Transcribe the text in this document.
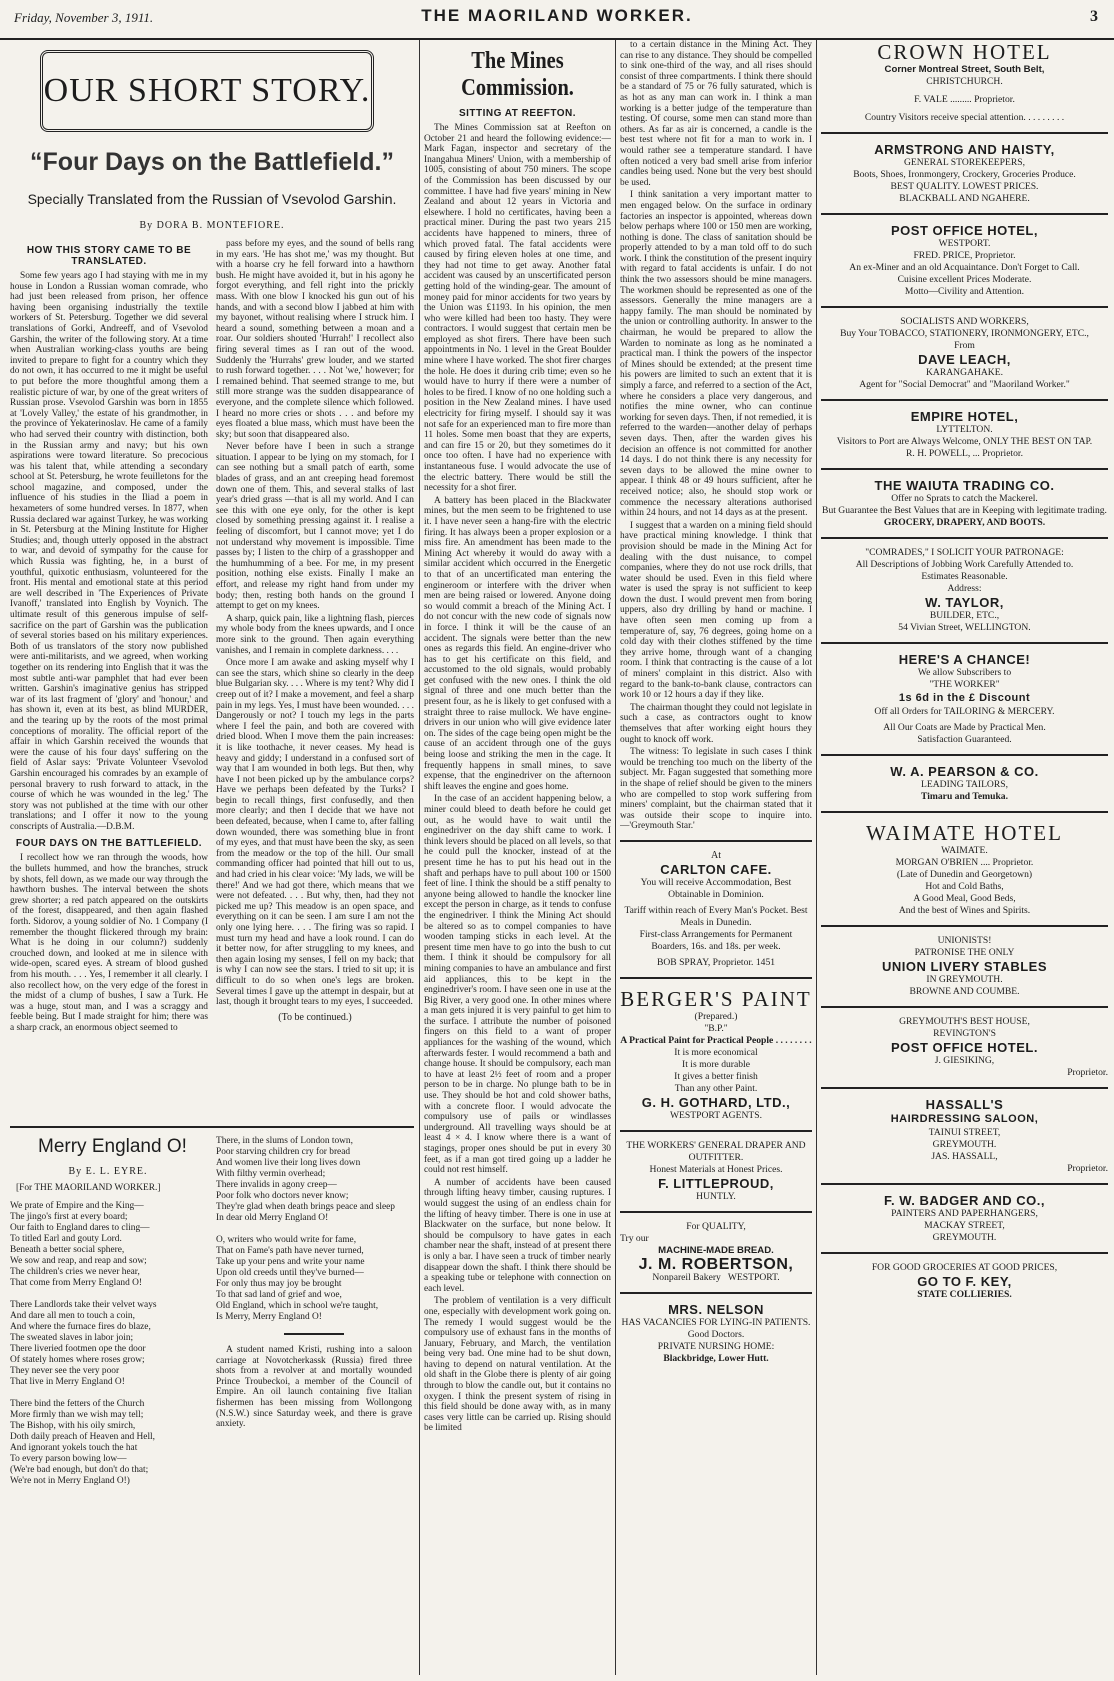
Friday, November 3, 1911.	THE MAORILAND WORKER.	3
OUR SHORT STORY.
“Four Days on the Battlefield.”
Specially Translated from the Russian of Vsevolod Garshin.
By DORA B. MONTEFIORE.
HOW THIS STORY CAME TO BE TRANSLATED.

Some few years ago I had staying with me in my house in London a Russian woman comrade, who had just been released from prison, her offence having been organising industrially the textile workers of St. Petersburg. Together we did several translations of Gorki, Andreeff, and of Vsevolod Garshin, the writer of the following story. At a time when Australian working-class youths are being invited to prepare to fight for a country which they do not own, it has occurred to me it might be useful to put before the more thoughtful among them a realistic picture of war, by one of the great writers of Russian prose. Vsevolod Garshin was born in 1855 at 'Lovely Valley,' the estate of his grandmother, in the province of Yekaterinoslav. He came of a family who had served their country with distinction, both in the Russian army and navy; but his own aspirations were toward literature. So precocious was his talent that, while attending a secondary school at St. Petersburg, he wrote feuilletons for the school magazine, and composed, under the influence of his studies in the Iliad a poem in hexameters of some hundred verses. In 1877, when Russia declared war against Turkey, he was working in St. Petersburg at the Mining Institute for Higher Studies; and, though utterly opposed in the abstract to war, and devoid of sympathy for the cause for which Russia was fighting, he, in a burst of youthful, quixotic enthusiasm, volunteered for the front. His mental and emotional state at this period are well described in 'The Experiences of Private Ivanoff,' translated into English by Voynich. The ultimate result of this generous impulse of self-sacrifice on the part of Garshin was the publication of several stories based on his military experiences. Both of us translators of the story now published were anti-militarists, and we agreed, when working together on its rendering into English that it was the most subtle anti-war pamphlet that had ever been written. Garshin's imaginative genius has stripped war of its last fragment of 'glory' and 'honour,' and has shown it, even at its best, as blind MURDER, and the tearing up by the roots of the most primal conceptions of morality. The official report of the affair in which Garshin received the wounds that were the cause of his four days' suffering on the field of Aslar says: 'Private Volunteer Vsevolod Garshin encouraged his comrades by an example of personal bravery to rush forward to attack, in the course of which he was wounded in the leg.' The story was not published at the time with our other translations; and I offer it now to the young conscripts of Australia.—D.B.M.

FOUR DAYS ON THE BATTLEFIELD.

I recollect how we ran through the woods, how the bullets hummed, and how the branches, struck by shots, fell down, as we made our way through the hawthorn bushes. The interval between the shots grew shorter; a red patch appeared on the outskirts of the forest, disappeared, and then again flashed forth. Sidorov, a young soldier of No. 1 Company (I remember the thought flickered through my brain: What is he doing in our column?) suddenly crouched down, and looked at me in silence with wide-open, scared eyes. A stream of blood gushed from his mouth. . . . Yes, I remember it all clearly. I also recollect how, on the very edge of the forest in the midst of a clump of bushes, I saw a Turk. He was a huge, stout man, and I was a scraggy and feeble being. But I made straight for him; there was a sharp crack, an enormous object seemed to

pass before my eyes, and the sound of bells rang in my ears. 'He has shot me,' was my thought. But with a hoarse cry he fell forward into a hawthorn bush. He might have avoided it, but in his agony he forgot everything, and fell right into the prickly mass. With one blow I knocked his gun out of his hands, and with a second blow I jabbed at him with my bayonet, without realising where I struck him. I heard a sound, something between a moan and a roar. Our soldiers shouted 'Hurrah!' I recollect also firing several times as I ran out of the wood. Suddenly the 'Hurrahs' grew louder, and we started to rush forward together. . . . Not 'we,' however; for I remained behind. That seemed strange to me, but still more strange was the sudden disappearance of everyone, and the complete silence which followed. I heard no more cries or shots . . . and before my eyes floated a blue mass, which must have been the sky; but soon that disappeared also.

Never before have I been in such a strange situation. I appear to be lying on my stomach, for I can see nothing but a small patch of earth, some blades of grass, and an ant creeping head foremost down one of them. This, and several stalks of last year's dried grass —that is all my world. And I can see this with one eye only, for the other is kept closed by something pressing against it. I realise a feeling of discomfort, but I cannot move; yet I do not understand why movement is impossible. Time passes by; I listen to the chirp of a grasshopper and the humhumming of a bee. For me, in my present position, nothing else exists. Finally I make an effort, and release my right hand from under my body; then, resting both hands on the ground I attempt to get on my knees.

A sharp, quick pain, like a lightning flash, pierces my whole body from the knees upwards, and I once more sink to the ground. Then again everything vanishes, and I remain in complete darkness. . . .

Once more I am awake and asking myself why I can see the stars, which shine so clearly in the deep blue Bulgarian sky. . . . Where is my tent? Why did I creep out of it? I make a movement, and feel a sharp pain in my legs. Yes, I must have been wounded. . . . Dangerously or not? I touch my legs in the parts where I feel the pain, and both are covered with dried blood. When I move them the pain increases: it is like toothache, it never ceases. My head is heavy and giddy; I understand in a confused sort of way that I am wounded in both legs. But then, why have I not been picked up by the ambulance corps? Have we perhaps been defeated by the Turks? I begin to recall things, first confusedly, and then more clearly; and then I decide that we have not been defeated, because, when I came to, after falling down wounded, there was something blue in front of my eyes, and that must have been the sky, as seen from the meadow or the top of the hill. Our small commanding officer had pointed that hill out to us, and had cried in his clear voice: 'My lads, we will be there!' And we had got there, which means that we were not defeated. . . . But why, then, had they not picked me up? This meadow is an open space, and everything on it can be seen. I am sure I am not the only one lying here. . . . The firing was so rapid. I must turn my head and have a look round. I can do it better now, for after struggling to my knees, and then again losing my senses, I fell on my back; that is why I can now see the stars. I tried to sit up; it is difficult to do so when one's legs are broken. Several times I gave up the attempt in despair, but at last, though it brought tears to my eyes, I succeeded.

(To be continued.)
Merry England O!
By E. L. EYRE.
[For THE MAORILAND WORKER.]
We prate of Empire and the King—
The jingo's first at every board;
Our faith to England dares to cling—
To titled Earl and gouty Lord.
Beneath a better social sphere,
We sow and reap, and reap and sow;
The children's cries we never hear,
That come from Merry England O!

There Landlords take their velvet ways
And dare all men to touch a coin,
And where the furnace fires do blaze,
The sweated slaves in labor join;
There liveried footmen ope the door
Of stately homes where roses grow;
They never see the very poor
That live in Merry England O!

There bind the fetters of the Church
More firmly than we wish may tell;
The Bishop, with his oily smirch,
Doth daily preach of Heaven and Hell,
And ignorant yokels touch the hat
To every parson bowing low—
(We're bad enough, but don't do that;
We're not in Merry England O!)
There, in the slums of London town,
Poor starving children cry for bread
And women live their long lives down
With filthy vermin overhead;
There invalids in agony creep—
Poor folk who doctors never know;
They're glad when death brings peace and sleep
In dear old Merry England O!

O, writers who would write for fame,
That on Fame's path have never turned,
Take up your pens and write your name
Upon old creeds until they've burned—
For only thus may joy be brought
To that sad land of grief and woe,
Old England, which in school we're taught,
Is Merry, Merry England O!

A student named Kristi, rushing into a saloon carriage at Novotcherkassk (Russia) fired three shots from a revolver at and mortally wounded Prince Troubeckoi, a member of the Council of Empire. An oil launch containing five Italian fishermen has been missing from Wollongong (N.S.W.) since Saturday week, and there is grave anxiety.

The Mines Commission.
SITTING AT REEFTON.

The Mines Commission sat at Reefton on October 21 and heard the following evidence:— Mark Fagan, inspector and secretary of the Inangahua Miners' Union, with a membership of 1005, consisting of about 750 miners. The scope of the Commission has been discussed by our committee. I have had five years' mining in New Zealand and about 12 years in Victoria and elsewhere. I hold no certificates, having been a practical miner. During the past two years 215 accidents have happened to miners, three of which proved fatal. The fatal accidents were caused by firing eleven holes at one time, and they had not time to get away. Another fatal accident was caused by an unscertificated person getting hold of the winding-gear. The amount of money paid for minor accidents for two years by the Union was £1193. In his opinion, the men who were killed had been too hasty. They were contractors. I would suggest that certain men be employed as shot firers. There have been such appointments in No. 1 level in the Great Boulder mine where I have worked. The shot firer charges the hole. He does it during crib time; even so he would have to hurry if there were a number of holes to be fired. I know of no one holding such a position in the New Zealand mines. I have used electricity for firing myself. I should say it was not safe for an experienced man to fire more than 11 holes. Some men boast that they are experts, and can fire 15 or 20, but they sometimes do it once too often. I have had no experience with instantaneous fuse. I would advocate the use of the electric battery. There would be still the necessity for a shot firer.

A battery has been placed in the Blackwater mines, but the men seem to be frightened to use it. I have never seen a hang-fire with the electric firing. It has always been a proper explosion or a miss fire. An amendment has been made to the Mining Act whereby it would do away with a similar accident which occurred in the Energetic to that of an uncertificated man entering the engineroom or interfere with the driver when men are being raised or lowered. Anyone doing so would commit a breach of the Mining Act. I do not concur with the new code of signals now in force. I think it will be the cause of an accident. The signals were better than the new ones as regards this field. An engine-driver who has to get his certificate on this field, and accustomed to the old signals, would probably get confused with the new ones. I think the old signal of three and one much better than the present four, as he is likely to get confused with a straight three to raise mullock. We have engine-drivers in our union who will give evidence later on. The sides of the cage being open might be the cause of an accident through one of the guys being loose and striking the men in the cage. It frequently happens in small mines, to save expense, that the enginedriver on the afternoon shift leaves the engine and goes home.

In the case of an accident happening below, a miner could bleed to death before he could get out, as he would have to wait until the enginedriver on the day shift came to work. I think levers should be placed on all levels, so that he could pull the knocker, instead of at the present time he has to put his head out in the shaft and perhaps have to pull about 100 or 1500 feet of line. I think the should be a stiff penalty to anyone being allowed to handle the knocker line except the person in charge, as it tends to confuse the enginedriver. I think the Mining Act should be altered so as to compel companies to have wooden tamping sticks in each level. At the present time men have to go into the bush to cut them. I think it should be compulsory for all mining companies to have an ambulance and first aid appliances, this to be kept in the enginedriver's room. I have seen one in use at the Big River, a very good one. In other mines where a man gets injured it is very painful to get him to the surface. I attribute the number of poisoned fingers on this field to a want of proper appliances for the washing of the wound, which afterwards fester. I would recommend a bath and change house. It should be compulsory, each man to have at least 2½ feet of room and a proper person to be in charge. No plunge bath to be in use. They should be hot and cold shower baths, with a concrete floor. I would advocate the compulsory use of pails or windlasses underground. All travelling ways should be at least 4 × 4. I know where there is a want of stagings, proper ones should be put in every 30 feet, as if a man got tired going up a ladder he could not rest himself.

A number of accidents have been caused through lifting heavy timber, causing ruptures. I would suggest the using of an endless chain for the lifting of heavy timber. There is one in use at Blackwater on the surface, but none below. It should be compulsory to have gates in each chamber near the shaft, instead of at present there is only a bar. I have seen a truck of timber nearly disappear down the shaft. I think there should be a speaking tube or telephone with connection on each level.

The problem of ventilation is a very difficult one, especially with development work going on. The remedy I would suggest would be the compulsory use of exhaust fans in the months of January, February, and March, the ventilation being very bad. One mine had to be shut down, having to depend on natural ventilation. At the old shaft in the Globe there is plenty of air going through to blow the candle out, but it contains no oxygen. I think the present system of rising in this field should be done away with, as in many cases very little can be carried up. Rising should be limited

to a certain distance in the Mining Act. They can rise to any distance. They should be compelled to sink one-third of the way, and all rises should consist of three compartments. I think there should be a standard of 75 or 76 fully saturated, which is as hot as any man can work in. I think a man working is a better judge of the temperature than testing. Of course, some men can stand more than others. As far as air is concerned, a candle is the best test where not fit for a man to work in. I would rather see a temperature standard. I have often noticed a very bad smell arise from inferior candles being used. None but the very best should be used.

I think sanitation a very important matter to men engaged below. On the surface in ordinary factories an inspector is appointed, whereas down below perhaps where 100 or 150 men are working, nothing is done. The class of sanitation should be properly attended to by a man told off to do such work. I think the constitution of the present inquiry with regard to fatal accidents is unfair. I do not think the two assessors should be mine managers. The workmen should be represented as one of the assessors. Generally the mine managers are a happy family. The man should be nominated by the union or controlling authority. In answer to the chairman, he would be prepared to allow the Warden to nominate as long as he nominated a practical man. I think the powers of the inspector of Mines should be extended; at the present time his powers are limited to such an extent that it is simply a farce, and referred to a section of the Act, where he considers a place very dangerous, and notifies the mine owner, who can continue working for seven days. Then, if not remedied, it is referred to the warden—another delay of perhaps seven days. Then, after the warden gives his decision an offence is not committed for another 14 days. I do not think there is any necessity for seven days to be allowed the mine owner to appear. I think 48 or 49 hours sufficient, after he received notice; also, he should stop work or commence the necessary alterations authorised within 24 hours, and not 14 days as at the present.

I suggest that a warden on a mining field should have practical mining knowledge. I think that provision should be made in the Mining Act for dealing with the dust nuisance, to compel companies, where they do not use rock drills, that water should be used. Even in this field where water is used the spray is not sufficient to keep down the dust. I would prevent men from boring uppers, also dry drilling by hand or machine. I have often seen men coming up from a temperature of, say, 76 degrees, going home on a cold day with their clothes stiffened by the time they arrive home, through want of a changing room. I think that contracting is the cause of a lot of miners' complaint in this district. Also with regard to the bank-to-bank clause, contractors can work 10 or 12 hours a day if they like.

The chairman thought they could not legislate in such a case, as contractors ought to know themselves that after working eight hours they ought to knock off work.

The witness: To legislate in such cases I think would be trenching too much on the liberty of the subject. Mr. Fagan suggested that something more in the shape of relief should be given to the miners who are compelled to stop work suffering from miners' complaint, but the chairman stated that it was outside their scope to inquire into.—'Greymouth Star.'

At
CARLTON CAFE.
You will receive Accommodation, Best Obtainable in Dominion.
Tariff within reach of Every Man's Pocket. Best Meals in Dunedin.
First-class Arrangements for Permanent Boarders, 16s. and 18s. per week.
BOB SPRAY, Proprietor. 1451
BERGER'S PAINT
(Prepared.)
"B.P."
A Practical Paint for Practical People . . . . . . . .
It is more economical
It is more durable
It gives a better finish
Than any other Paint.
G. H. GOTHARD, LTD.,
WESTPORT AGENTS.
THE WORKERS' GENERAL DRAPER AND OUTFITTER.
Honest Materials at Honest Prices.
F. LITTLEPROUD,
HUNTLY.
For QUALITY,
Try our
MACHINE-MADE BREAD.
J. M. ROBERTSON,
Nonpareil Bakery WESTPORT.
MRS. NELSON
HAS VACANCIES FOR LYING-IN PATIENTS. Good Doctors.
PRIVATE NURSING HOME:
Blackbridge, Lower Hutt.
CROWN HOTEL
Corner Montreal Street, South Belt,
CHRISTCHURCH.
F. VALE ......... Proprietor.
Country Visitors receive special attention. . . . . . . . .
ARMSTRONG AND HAISTY,
GENERAL STOREKEEPERS,
Boots, Shoes, Ironmongery, Crockery, Groceries Produce.
BEST QUALITY. LOWEST PRICES.
BLACKBALL AND NGAHERE.
POST OFFICE HOTEL,
WESTPORT.
FRED. PRICE, Proprietor.
An ex-Miner and an old Acquaintance. Don't Forget to Call.
Cuisine excellent Prices Moderate.
Motto—Civility and Attention.
SOCIALISTS AND WORKERS,
Buy Your TOBACCO, STATIONERY, IRONMONGERY, ETC.,
From
DAVE LEACH,
KARANGAHAKE.
Agent for "Social Democrat" and "Maoriland Worker."
EMPIRE HOTEL,
LYTTELTON.
Visitors to Port are Always Welcome, ONLY THE BEST ON TAP.
R. H. POWELL, ... Proprietor.
THE WAIUTA TRADING CO.
Offer no Sprats to catch the Mackerel.
But Guarantee the Best Values that are in Keeping with legitimate trading.
GROCERY, DRAPERY, AND BOOTS.
"COMRADES," I SOLICIT YOUR PATRONAGE:
All Descriptions of Jobbing Work Carefully Attended to.
Estimates Reasonable.
Address:
W. TAYLOR,
BUILDER, ETC.,
54 Vivian Street, WELLINGTON.
HERE'S A CHANCE!
We allow Subscribers to
"THE WORKER"
1s 6d in the £ Discount
Off all Orders for TAILORING & MERCERY.
All Our Coats are Made by Practical Men.
Satisfaction Guaranteed.
W. A. PEARSON & CO.
LEADING TAILORS,
Timaru and Temuka.
WAIMATE HOTEL
WAIMATE.
MORGAN O'BRIEN .... Proprietor.
(Late of Dunedin and Georgetown)
Hot and Cold Baths,
A Good Meal, Good Beds,
And the best of Wines and Spirits.
UNIONISTS!
PATRONISE THE ONLY
UNION LIVERY STABLES
IN GREYMOUTH.
BROWNE AND COUMBE.
GREYMOUTH'S BEST HOUSE,
REVINGTON'S
POST OFFICE HOTEL.
J. GIESIKING,
Proprietor.
HASSALL'S
HAIRDRESSING SALOON,
TAINUI STREET,
GREYMOUTH.
JAS. HASSALL,
Proprietor.
F. W. BADGER AND CO.,
PAINTERS AND PAPERHANGERS,
MACKAY STREET,
GREYMOUTH.
FOR GOOD GROCERIES AT GOOD PRICES,
GO TO F. KEY,
STATE COLLIERIES.
